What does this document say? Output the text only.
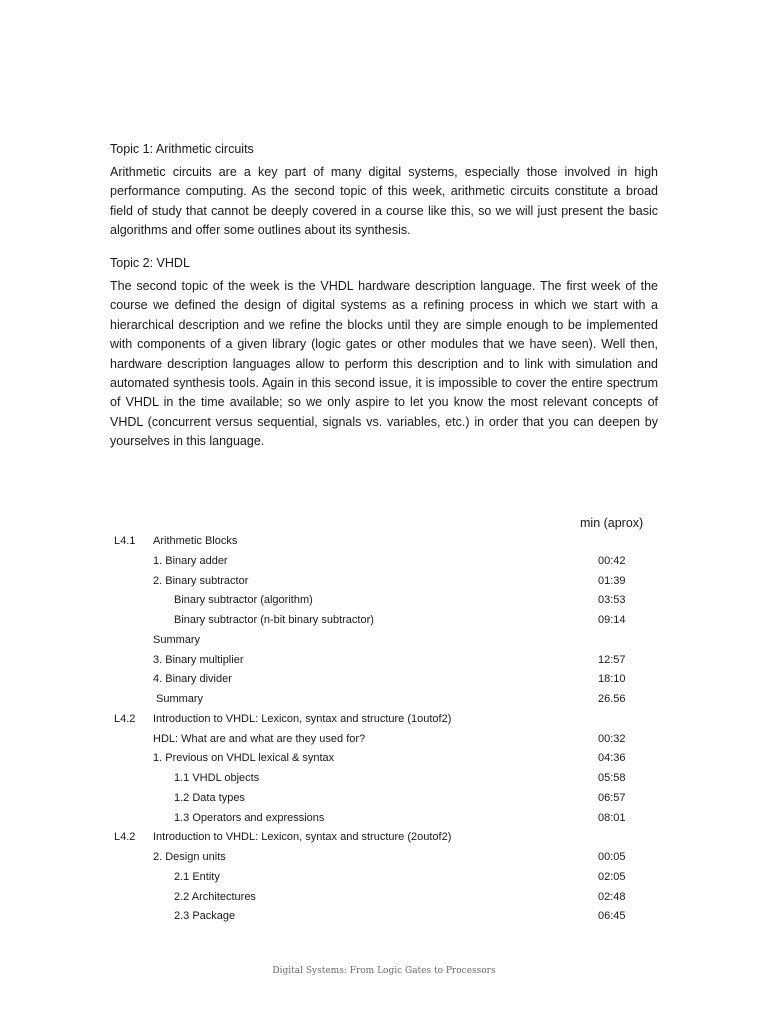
Topic 1: Arithmetic circuits

Arithmetic circuits are a key part of many digital systems, especially those involved in high performance computing. As the second topic of this week, arithmetic circuits constitute a broad field of study that cannot be deeply covered in a course like this, so we will just present the basic algorithms and offer some outlines about its synthesis.

Topic 2: VHDL

The second topic of the week is the VHDL hardware description language. The first week of the course we defined the design of digital systems as a refining process in which we start with a hierarchical description and we refine the blocks until they are simple enough to be implemented with components of a given library (logic gates or other modules that we have seen). Well then, hardware description languages allow to perform this description and to link with simulation and automated synthesis tools. Again in this second issue, it is impossible to cover the entire spectrum of VHDL in the time available; so we only aspire to let you know the most relevant concepts of VHDL (concurrent versus sequential, signals vs. variables, etc.) in order that you can deepen by yourselves in this language.

min (aprox)
L4.1 Arithmetic Blocks
1. Binary adder	00:42
2. Binary subtractor	01:39
Binary subtractor (algorithm)	03:53
Binary subtractor (n-bit binary subtractor)	09:14
Summary
3. Binary multiplier	12:57
4. Binary divider	18:10
Summary	26.56
L4.2 Introduction to VHDL: Lexicon, syntax and structure (1outof2)
HDL: What are and what are they used for?	00:32
1. Previous on VHDL lexical & syntax	04:36
1.1 VHDL objects	05:58
1.2 Data types	06:57
1.3 Operators and expressions	08:01
L4.2 Introduction to VHDL: Lexicon, syntax and structure (2outof2)
2. Design units	00:05
2.1 Entity	02:05
2.2 Architectures	02:48
2.3 Package	06:45
Digital Systems: From Logic Gates to Processors
